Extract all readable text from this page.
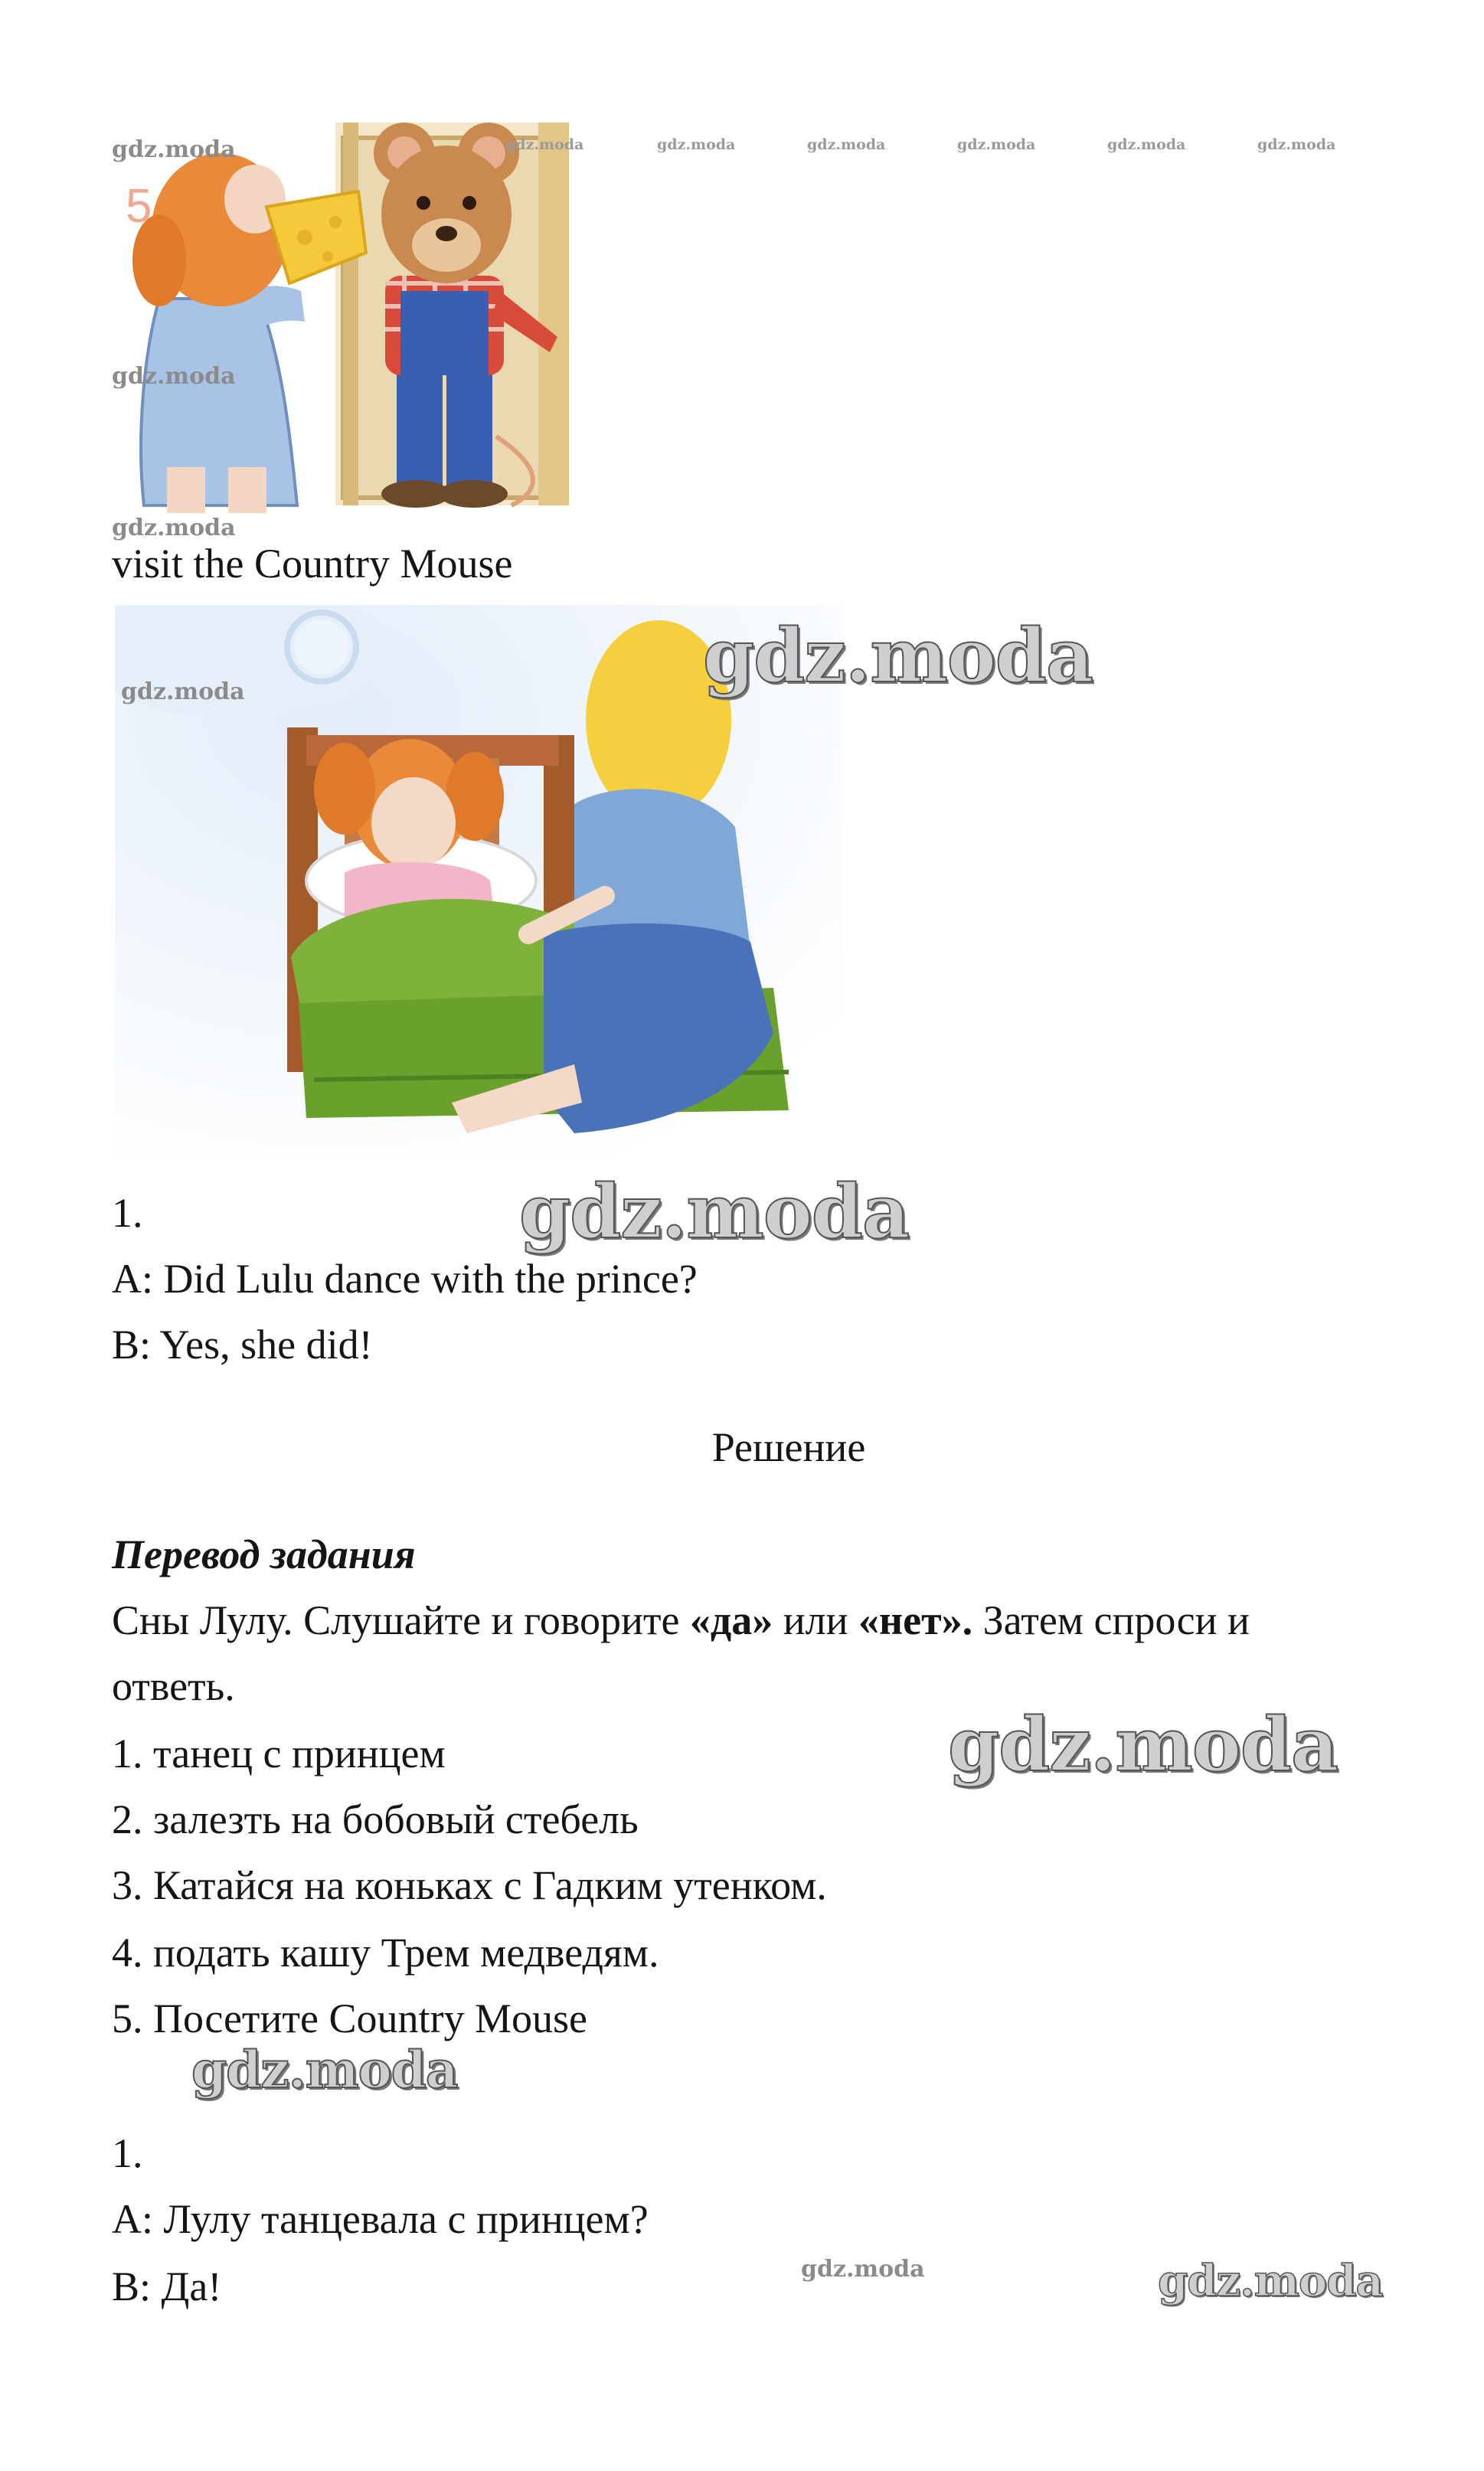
5
gdz.moda	gdz.moda	gdz.moda	gdz.moda	gdz.moda	gdz.moda	gdz.moda
gdz.moda
gdz.moda
visit the Country Mouse
gdz.moda	gdz.moda
1.	gdz.moda
A: Did Lulu dance with the prince?
B: Yes, she did!
Решение
Перевод задания
Сны Лулу. Слушайте и говорите «да» или «нет». Затем спроси и
ответь.
1. танец с принцем	gdz.moda
2. залезть на бобовый стебель
3. Катайся на коньках с Гадким утенком.
4. подать кашу Трем медведям.
5. Посетите Country Mouse
gdz.moda
1.
A: Лулу танцевала с принцем?
B: Да!	gdz.moda	gdz.moda
